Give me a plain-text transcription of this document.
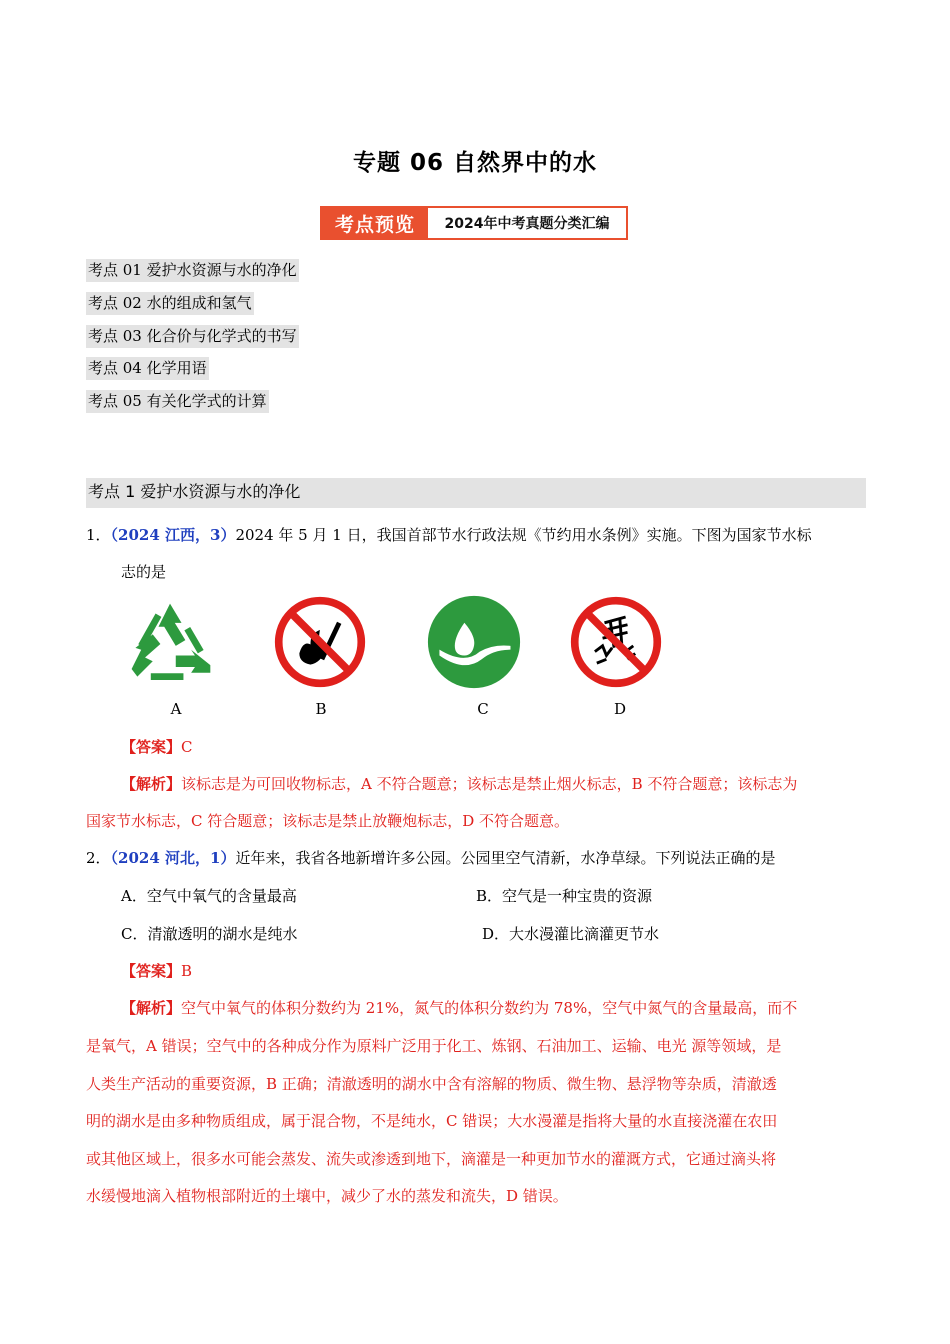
专题 06 自然界中的水
考点预览	2024年中考真题分类汇编
考点 01 爱护水资源与水的净化
考点 02 水的组成和氢气
考点 03 化合价与化学式的书写
考点 04 化学用语
考点 05 有关化学式的计算
考点 1 爱护水资源与水的净化
1．（2024 江西，3）2024 年 5 月 1 日，我国首部节水行政法规《节约用水条例》实施。下图为国家节水标
志的是
A	B	C	D
【答案】C
【解析】该标志是为可回收物标志，A 不符合题意；该标志是禁止烟火标志，B 不符合题意；该标志为
国家节水标志，C 符合题意；该标志是禁止放鞭炮标志，D 不符合题意。
2．（2024 河北，1）近年来，我省各地新增许多公园。公园里空气清新，水净草绿。下列说法正确的是
A．空气中氧气的含量最高	B．空气是一种宝贵的资源
C．清澈透明的湖水是纯水	D．大水漫灌比滴灌更节水
【答案】B
【解析】空气中氧气的体积分数约为 21%，氮气的体积分数约为 78%，空气中氮气的含量最高，而不
是氧气，A 错误；空气中的各种成分作为原料广泛用于化工、炼钢、石油加工、运输、电光 源等领域，是
人类生产活动的重要资源，B 正确；清澈透明的湖水中含有溶解的物质、微生物、悬浮物等杂质，清澈透
明的湖水是由多种物质组成，属于混合物，不是纯水，C 错误；大水漫灌是指将大量的水直接浇灌在农田
或其他区域上，很多水可能会蒸发、流失或渗透到地下，滴灌是一种更加节水的灌溉方式，它通过滴头将
水缓慢地滴入植物根部附近的土壤中，减少了水的蒸发和流失，D 错误。
